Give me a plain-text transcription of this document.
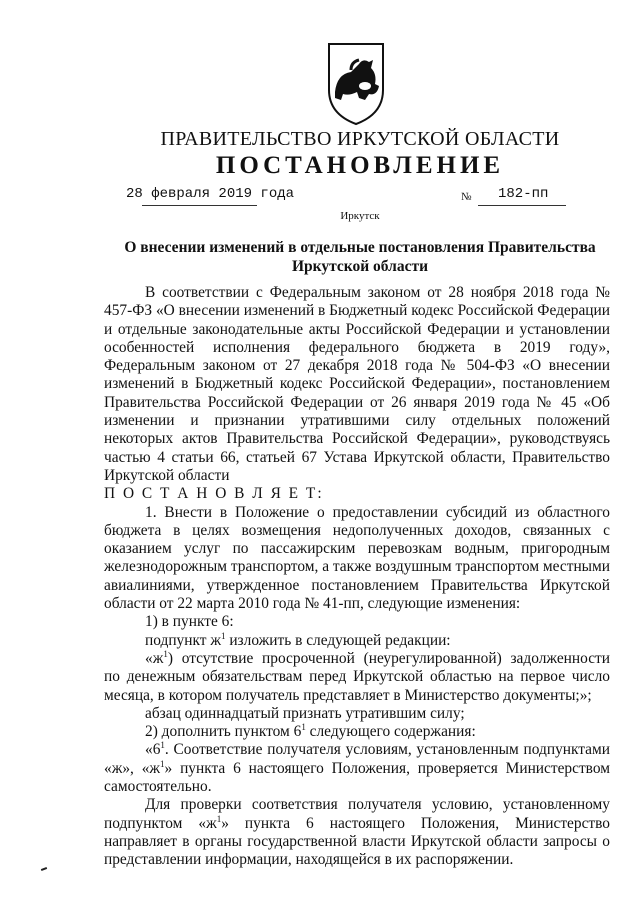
ПРАВИТЕЛЬСТВО ИРКУТСКОЙ ОБЛАСТИ
ПОСТАНОВЛЕНИЕ
28 февраля 2019 года	№ 182-пп
Иркутск
О внесении изменений в отдельные постановления Правительства Иркутской области

В соответствии с Федеральным законом от 28 ноября 2018 года № 457-ФЗ «О внесении изменений в Бюджетный кодекс Российской Федерации и отдельные законодательные акты Российской Федерации и установлении особенностей исполнения федерального бюджета в 2019 году», Федеральным законом от 27 декабря 2018 года № 504-ФЗ «О внесении изменений в Бюджетный кодекс Российской Федерации», постановлением Правительства Российской Федерации от 26 января 2019 года № 45 «Об изменении и признании утратившими силу отдельных положений некоторых актов Правительства Российской Федерации», руководствуясь частью 4 статьи 66, статьей 67 Устава Иркутской области, Правительство Иркутской области

П О С Т А Н О В Л Я Е Т:

1. Внести в Положение о предоставлении субсидий из областного бюджета в целях возмещения недополученных доходов, связанных с оказанием услуг по пассажирским перевозкам водным, пригородным железнодорожным транспортом, а также воздушным транспортом местными авиалиниями, утвержденное постановлением Правительства Иркутской области от 22 марта 2010 года № 41-пп, следующие изменения:

1) в пункте 6:

подпункт $ж^1$ изложить в следующей редакции:

«$ж^1$) отсутствие просроченной (неурегулированной) задолженности по денежным обязательствам перед Иркутской областью на первое число месяца, в котором получатель представляет в Министерство документы;»;

абзац одиннадцатый признать утратившим силу;

2) дополнить пунктом $6^1$ следующего содержания:

«$6^1$. Соответствие получателя условиям, установленным подпунктами «ж», «$ж^1$» пункта 6 настоящего Положения, проверяется Министерством самостоятельно.

Для проверки соответствия получателя условию, установленному подпунктом «$ж^1$» пункта 6 настоящего Положения, Министерство направляет в органы государственной власти Иркутской области запросы о представлении информации, находящейся в их распоряжении.
